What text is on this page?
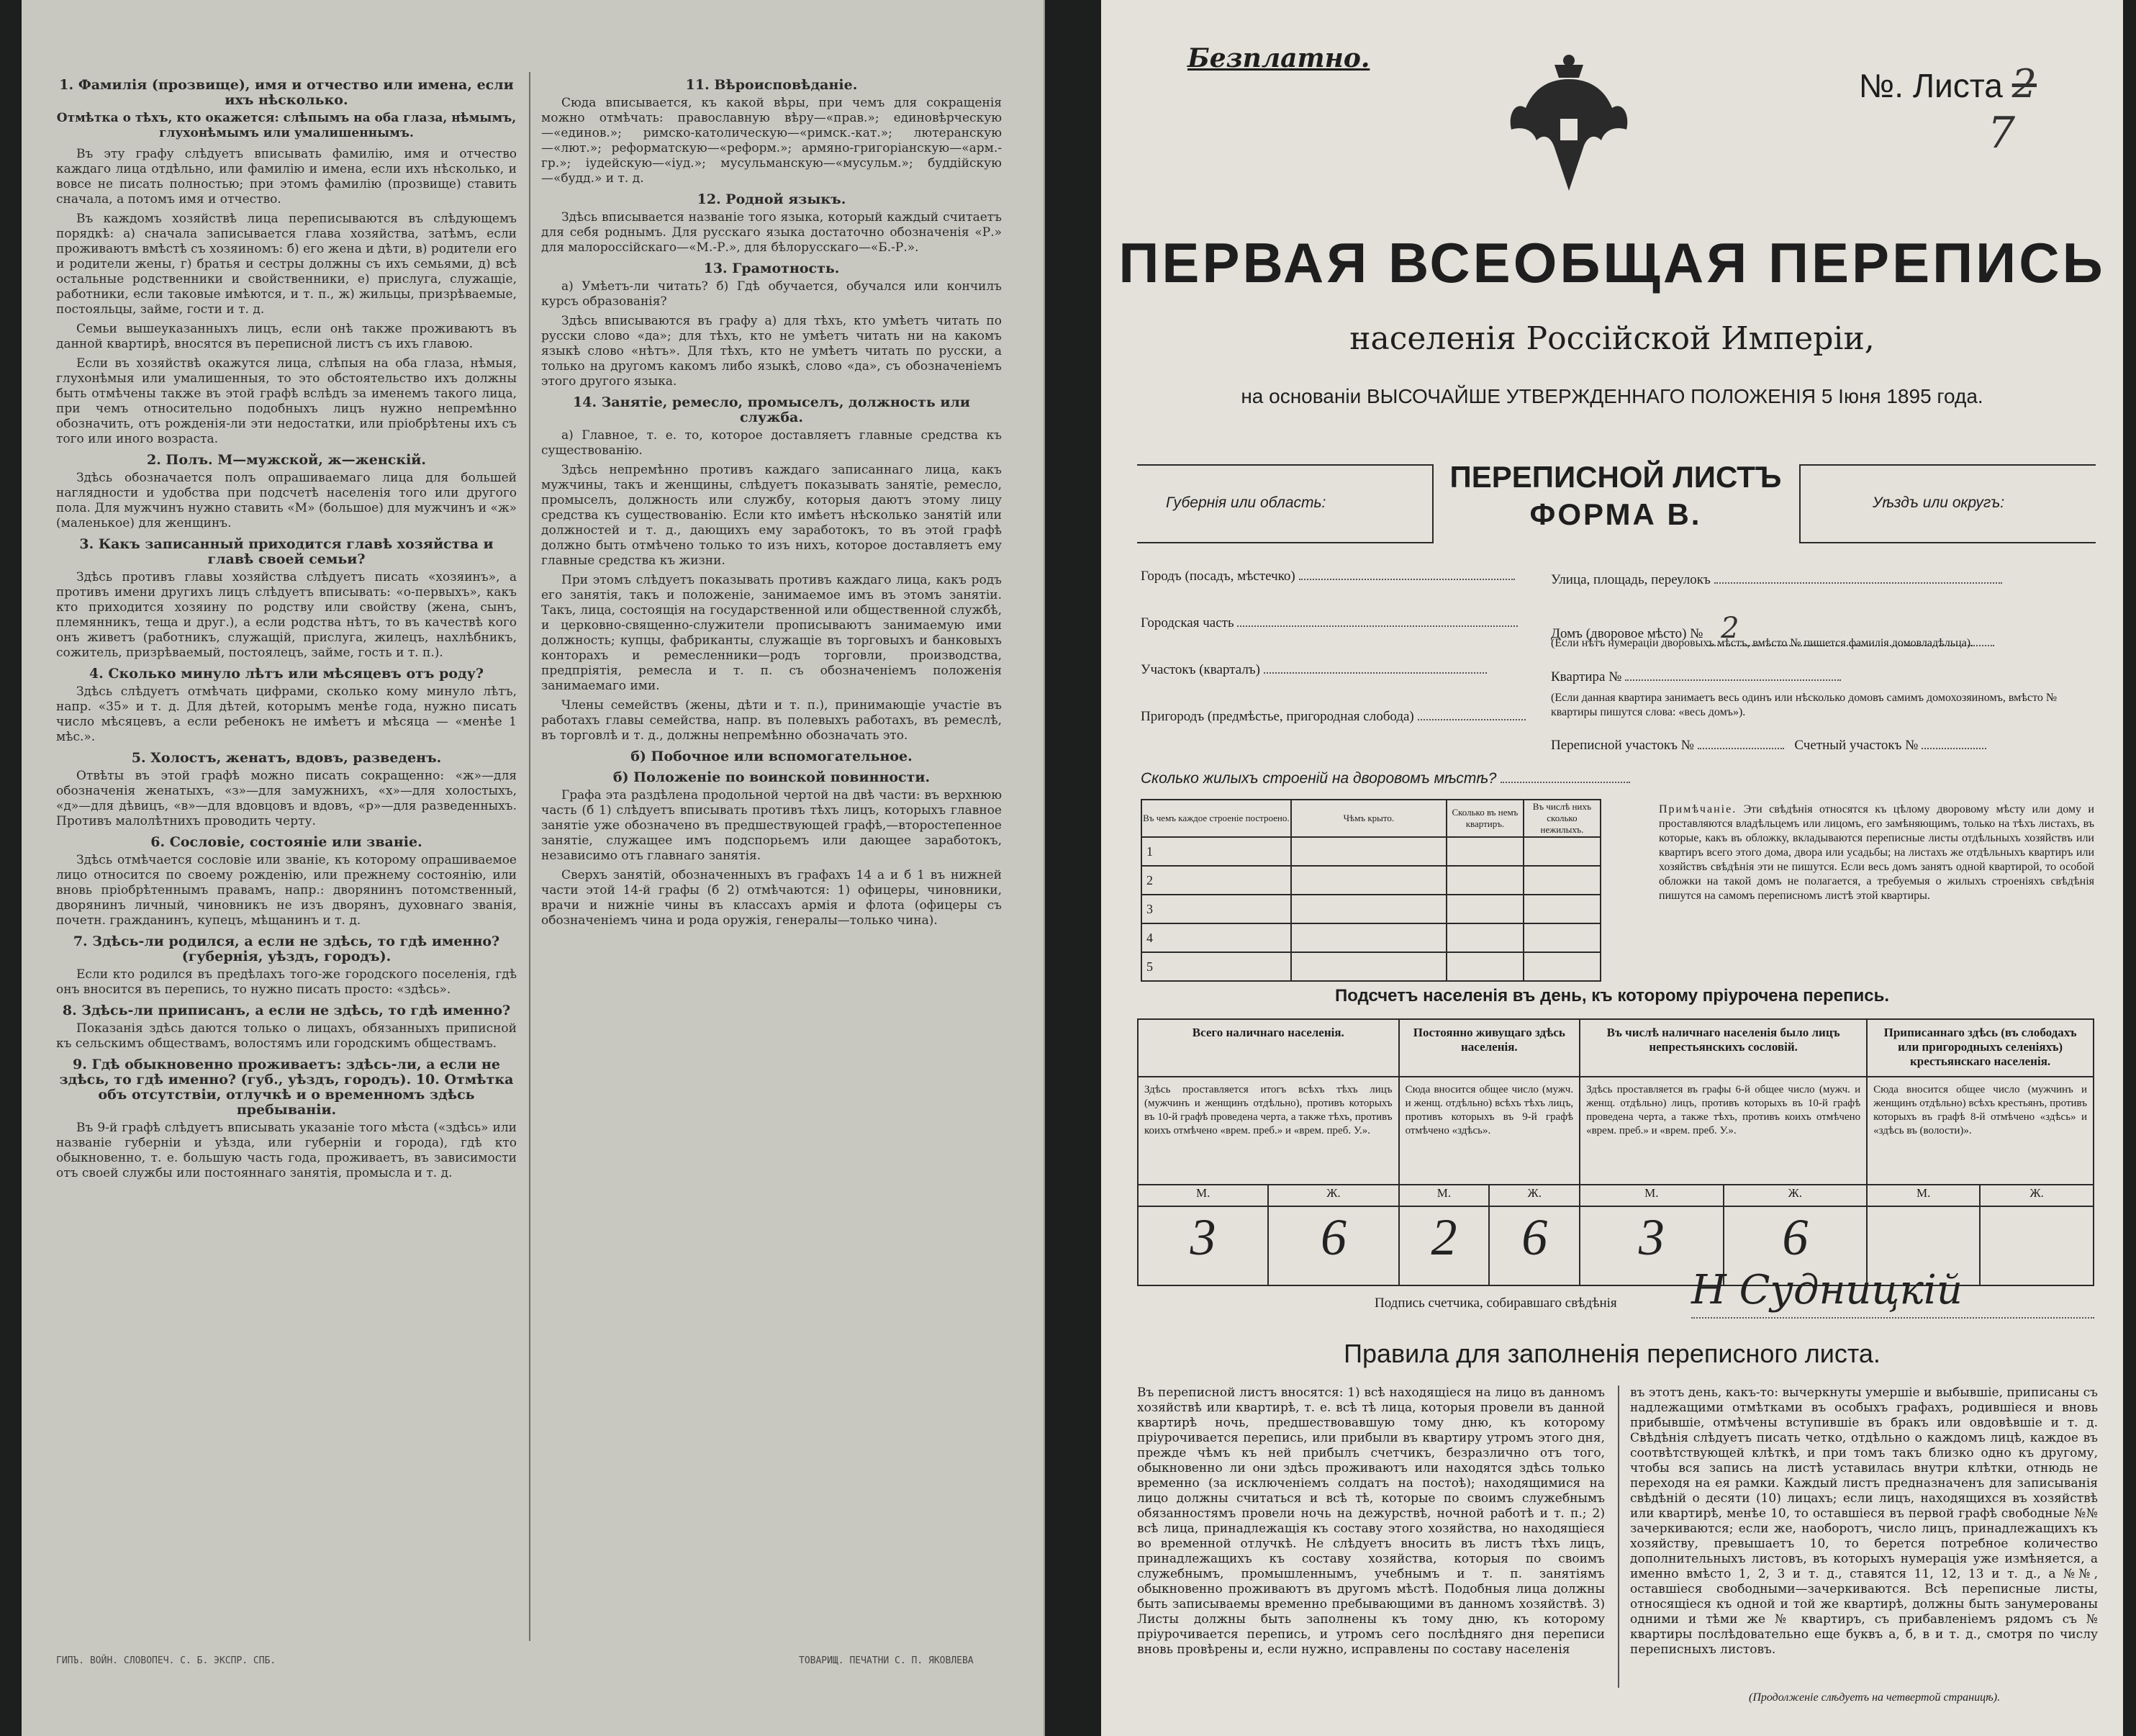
1. Фамилія (прозвище), имя и отчество или имена, если ихъ нѣсколько.
Отмѣтка о тѣхъ, кто окажется: слѣпымъ на оба глаза, нѣмымъ, глухонѣмымъ или умалишеннымъ.

Въ эту графу слѣдуетъ вписывать фамилію, имя и отчество каждаго лица отдѣльно, или фамилію и имена, если ихъ нѣсколько, и вовсе не писать полностью; при этомъ фамилію (прозвище) ставить сначала, а потомъ имя и отчество.

Въ каждомъ хозяйствѣ лица переписываются въ слѣдующемъ порядкѣ: а) сначала записывается глава хозяйства, затѣмъ, если проживаютъ вмѣстѣ съ хозяиномъ: б) его жена и дѣти, в) родители его и родители жены, г) братья и сестры должны съ ихъ семьями, д) всѣ остальные родственники и свойственники, е) прислуга, служащіе, работники, если таковые имѣются, и т. п., ж) жильцы, призрѣваемые, постояльцы, займе, гости и т. д.

Семьи вышеуказанныхъ лицъ, если онѣ также проживаютъ въ данной квартирѣ, вносятся въ переписной листъ съ ихъ главою.

Если въ хозяйствѣ окажутся лица, слѣпыя на оба глаза, нѣмыя, глухонѣмыя или умалишенныя, то это обстоятельство ихъ должны быть отмѣчены также въ этой графѣ вслѣдъ за именемъ такого лица, при чемъ относительно подобныхъ лицъ нужно непремѣнно обозначить, отъ рожденія-ли эти недостатки, или пріобрѣтены ихъ съ того или иного возраста.

2. Полъ. М—мужской, ж—женскій.

Здѣсь обозначается полъ опрашиваемаго лица для большей наглядности и удобства при подсчетѣ населенія того или другого пола. Для мужчинъ нужно ставить «М» (большое) для мужчинъ и «ж» (маленькое) для женщинъ.

3. Какъ записанный приходится главѣ хозяйства и главѣ своей семьи?

Здѣсь противъ главы хозяйства слѣдуетъ писать «хозяинъ», а противъ имени другихъ лицъ слѣдуетъ вписывать: «о-первыхъ», какъ кто приходится хозяину по родству или свойству (жена, сынъ, племянникъ, теща и друг.), а если родства нѣтъ, то въ качествѣ кого онъ живетъ (работникъ, служащій, прислуга, жилецъ, нахлѣбникъ, сожитель, призрѣваемый, постоялецъ, займе, гость и т. п.).

4. Сколько минуло лѣтъ или мѣсяцевъ отъ роду?

Здѣсь слѣдуетъ отмѣчать цифрами, сколько кому минуло лѣтъ, напр. «35» и т. д. Для дѣтей, которымъ менѣе года, нужно писать число мѣсяцевъ, а если ребенокъ не имѣетъ и мѣсяца — «менѣе 1 мѣс.».

5. Холостъ, женатъ, вдовъ, разведенъ.

Отвѣты въ этой графѣ можно писать сокращенно: «ж»—для обозначенія женатыхъ, «з»—для замужнихъ, «х»—для холостыхъ, «д»—для дѣвицъ, «в»—для вдовцовъ и вдовъ, «р»—для разведенныхъ. Противъ малолѣтнихъ проводить черту.

6. Сословіе, состояніе или званіе.

Здѣсь отмѣчается сословіе или званіе, къ которому опрашиваемое лицо относится по своему рожденію, или прежнему состоянію, или вновь пріобрѣтеннымъ правамъ, напр.: дворянинъ потомственный, дворянинъ личный, чиновникъ не изъ дворянъ, духовнаго званія, почетн. гражданинъ, купецъ, мѣщанинъ и т. д.

7. Здѣсь-ли родился, а если не здѣсь, то гдѣ именно? (губернія, уѣздъ, городъ).

Если кто родился въ предѣлахъ того-же городского поселенія, гдѣ онъ вносится въ перепись, то нужно писать просто: «здѣсь».

8. Здѣсь-ли приписанъ, а если не здѣсь, то гдѣ именно?

Показанія здѣсь даются только о лицахъ, обязанныхъ приписной къ сельскимъ обществамъ, волостямъ или городскимъ обществамъ.

9. Гдѣ обыкновенно проживаетъ: здѣсь-ли, а если не здѣсь, то гдѣ именно? (губ., уѣздъ, городъ). 10. Отмѣтка объ отсутствіи, отлучкѣ и о временномъ здѣсь пребываніи.

Въ 9-й графѣ слѣдуетъ вписывать указаніе того мѣста («здѣсь» или названіе губерніи и уѣзда, или губерніи и города), гдѣ кто обыкновенно, т. е. большую часть года, проживаетъ, въ зависимости отъ своей службы или постояннаго занятія, промысла и т. д.

11. Вѣроисповѣданіе.

Сюда вписывается, къ какой вѣры, при чемъ для сокращенія можно отмѣчать: православную вѣру—«прав.»; единовѣрческую—«единов.»; римско-католическую—«римск.-кат.»; лютеранскую—«лют.»; реформатскую—«реформ.»; армяно-григоріанскую—«арм.-гр.»; іудейскую—«іуд.»; мусульманскую—«мусульм.»; буддійскую—«будд.» и т. д.

12. Родной языкъ.

Здѣсь вписывается названіе того языка, который каждый считаетъ для себя роднымъ. Для русскаго языка достаточно обозначенія «Р.» для малороссійскаго—«М.-Р.», для бѣлорусскаго—«Б.-Р.».

13. Грамотность.

а) Умѣетъ-ли читать? б) Гдѣ обучается, обучался или кончилъ курсъ образованія?

Здѣсь вписываются въ графу а) для тѣхъ, кто умѣетъ читать по русски слово «да»; для тѣхъ, кто не умѣетъ читать ни на какомъ языкѣ слово «нѣтъ». Для тѣхъ, кто не умѣетъ читать по русски, а только на другомъ какомъ либо языкѣ, слово «да», съ обозначеніемъ этого другого языка.

14. Занятіе, ремесло, промыселъ, должность или служба.

а) Главное, т. е. то, которое доставляетъ главные средства къ существованію.

Здѣсь непремѣнно противъ каждаго записаннаго лица, какъ мужчины, такъ и женщины, слѣдуетъ показывать занятіе, ремесло, промыселъ, должность или службу, которыя даютъ этому лицу средства къ существованію. Если кто имѣетъ нѣсколько занятій или должностей и т. д., дающихъ ему заработокъ, то въ этой графѣ должно быть отмѣчено только то изъ нихъ, которое доставляетъ ему главные средства къ жизни.

При этомъ слѣдуетъ показывать противъ каждаго лица, какъ родъ его занятія, такъ и положеніе, занимаемое имъ въ этомъ занятіи. Такъ, лица, состоящія на государственной или общественной службѣ, и церковно-священно-служители прописываютъ занимаемую ими должность; купцы, фабриканты, служащіе въ торговыхъ и банковыхъ конторахъ и ремесленники—родъ торговли, производства, предпріятія, ремесла и т. п. съ обозначеніемъ положенія занимаемаго ими.

Члены семействъ (жены, дѣти и т. п.), принимающіе участіе въ работахъ главы семейства, напр. въ полевыхъ работахъ, въ ремеслѣ, въ торговлѣ и т. д., должны непремѣнно обозначать это.

б) Побочное или вспомогательное.
б) Положеніе по воинской повинности.

Графа эта раздѣлена продольной чертой на двѣ части: въ верхнюю часть (б 1) слѣдуетъ вписывать противъ тѣхъ лицъ, которыхъ главное занятіе уже обозначено въ предшествующей графѣ,—второстепенное занятіе, служащее имъ подспорьемъ или дающее заработокъ, независимо отъ главнаго занятія.

Сверхъ занятій, обозначенныхъ въ графахъ 14 а и б 1 въ нижней части этой 14-й графы (б 2) отмѣчаются: 1) офицеры, чиновники, врачи и нижніе чины въ классахъ армія и флота (офицеры съ обозначеніемъ чина и рода оружія, генералы—только чина).

ГИПЪ. ВОЙН. СЛОВОПЕЧ. С. Б. ЭКСПР. СПБ.	ТОВАРИЩ. ПЕЧАТНИ С. П. ЯКОВЛЕВА
Безплатно.
№. Листа 2
7
ПЕРВАЯ ВСЕОБЩАЯ ПЕРЕПИСЬ
населенія Россійской Имперіи,
на основаніи ВЫСОЧАЙШЕ УТВЕРЖДЕННАГО ПОЛОЖЕНІЯ 5 Іюня 1895 года.
Губернія или область:
ПЕРЕПИСНОЙ ЛИСТЪ
ФОРМА В.	Уѣздъ или округъ:
Городъ (посадъ, мѣстечко)
Городская часть
Участокъ (кварталъ)
Пригородъ (предмѣстье, пригородная слобода)
Улица, площадь, переулокъ
Домъ (дворовое мѣсто) № 2
(Если нѣтъ нумераціи дворовыхъ мѣстъ, вмѣсто № пишется фамилія домовладѣльца).
Квартира №
(Если данная квартира занимаетъ весь одинъ или нѣсколько домовъ самимъ домохозяиномъ, вмѣсто № квартиры пишутся слова: «весь домъ»).
Переписной участокъ №	Счетный участокъ №
Сколько жилыхъ строеній на дворовомъ мѣстѣ?
Въ чемъ каждое строеніе построено.	Чѣмъ крыто.	Сколько въ немъ квартиръ.	Въ числѣ нихъ сколько нежилыхъ.
1			
2			
3			
4			
5			
Примѣчаніе. Эти свѣдѣнія относятся къ цѣлому дворовому мѣсту или дому и проставляются владѣльцемъ или лицомъ, его замѣняющимъ, только на тѣхъ листахъ, въ которые, какъ въ обложку, вкладываются переписные листы отдѣльныхъ хозяйствъ или квартиръ всего этого дома, двора или усадьбы; на листахъ же отдѣльныхъ квартиръ или хозяйствъ свѣдѣнія эти не пишутся. Если весь домъ занятъ одной квартирой, то особой обложки на такой домъ не полагается, а требуемыя о жилыхъ строеніяхъ свѣдѣнія пишутся на самомъ переписномъ листѣ этой квартиры.
Подсчетъ населенія въ день, къ которому пріурочена перепись.
Всего наличнаго населенія.		Постоянно живущаго здѣсь населенія.		Въ числѣ наличнаго населенія было лицъ непрестьянскихъ сословій.		Приписаннаго здѣсь (въ слободахъ или пригородныхъ селеніяхъ) крестьянскаго населенія.	
Здѣсь проставляется итогъ всѣхъ тѣхъ лицъ (мужчинъ и женщинъ отдѣльно), противъ которыхъ въ 10-й графѣ проведена черта, а также тѣхъ, противъ коихъ отмѣчено «врем. преб.» и «врем. преб. У.».		Сюда вносится общее число (мужч. и женщ. отдѣльно) всѣхъ тѣхъ лицъ, противъ которыхъ въ 9-й графѣ отмѣчено «здѣсь».		Здѣсь проставляется въ графы 6-й общее число (мужч. и женщ. отдѣльно) лицъ, противъ которыхъ въ 10-й графѣ проведена черта, а также тѣхъ, противъ коихъ отмѣчено «врем. преб.» и «врем. преб. У.».		Сюда вносится общее число (мужчинъ и женщинъ отдѣльно) всѣхъ крестьянъ, противъ которыхъ въ графѣ 8-й отмѣчено «здѣсь» и «здѣсь въ (волости)».	
М.	Ж.	М.	Ж.	М.	Ж.	М.	Ж.
3	6	2	6	3	6		
Подпись счетчика, собиравшаго свѣдѣнія Н Судницкій
Правила для заполненія переписного листа.
Въ переписной листъ вносятся: 1) всѣ находящіеся на лицо въ данномъ хозяйствѣ или квартирѣ, т. е. всѣ тѣ лица, которыя провели въ данной квартирѣ ночь, предшествовавшую тому дню, къ которому пріурочивается перепись, или прибыли въ квартиру утромъ этого дня, прежде чѣмъ къ ней прибылъ счетчикъ, безразлично отъ того, обыкновенно ли они здѣсь проживаютъ или находятся здѣсь только временно (за исключеніемъ солдатъ на постоѣ); находящимися на лицо должны считаться и всѣ тѣ, которые по своимъ служебнымъ обязанностямъ провели ночь на дежурствѣ, ночной работѣ и т. п.; 2) всѣ лица, принадлежащія къ составу этого хозяйства, но находящіеся во временной отлучкѣ. Не слѣдуетъ вносить въ листъ тѣхъ лицъ, принадлежащихъ къ составу хозяйства, которыя по своимъ служебнымъ, промышленнымъ, учебнымъ и т. п. занятіямъ обыкновенно проживаютъ въ другомъ мѣстѣ. Подобныя лица должны быть записываемы временно пребывающими въ данномъ хозяйствѣ. 3) Листы должны быть заполнены къ тому дню, къ которому пріурочивается перепись, и утромъ сего послѣдняго дня переписи вновь провѣрены и, если нужно, исправлены по составу населенія
въ этотъ день, какъ-то: вычеркнуты умершіе и выбывшіе, приписаны съ надлежащими отмѣтками въ особыхъ графахъ, родившіеся и вновь прибывшіе, отмѣчены вступившіе въ бракъ или овдовѣвшіе и т. д. Свѣдѣнія слѣдуетъ писать четко, отдѣльно о каждомъ лицѣ, каждое въ соотвѣтствующей клѣткѣ, и при томъ такъ близко одно къ другому, чтобы вся запись на листѣ уставилась внутри клѣтки, отнюдь не переходя на ея рамки. Каждый листъ предназначенъ для записыванія свѣдѣній о десяти (10) лицахъ; если лицъ, находящихся въ хозяйствѣ или квартирѣ, менѣе 10, то оставшіеся въ первой графѣ свободные №№ зачеркиваются; если же, наоборотъ, число лицъ, принадлежащихъ къ хозяйству, превышаетъ 10, то берется потребное количество дополнительныхъ листовъ, въ которыхъ нумерація уже измѣняется, а именно вмѣсто 1, 2, 3 и т. д., ставятся 11, 12, 13 и т. д., а №№, оставшіеся свободными—зачеркиваются. Всѣ переписные листы, относящіеся къ одной и той же квартирѣ, должны быть занумерованы одними и тѣми же № квартиръ, съ прибавленіемъ рядомъ съ № квартиры послѣдовательно еще буквъ а, б, в и т. д., смотря по числу переписныхъ листовъ.
(Продолженіе слѣдуетъ на четвертой страницѣ).
